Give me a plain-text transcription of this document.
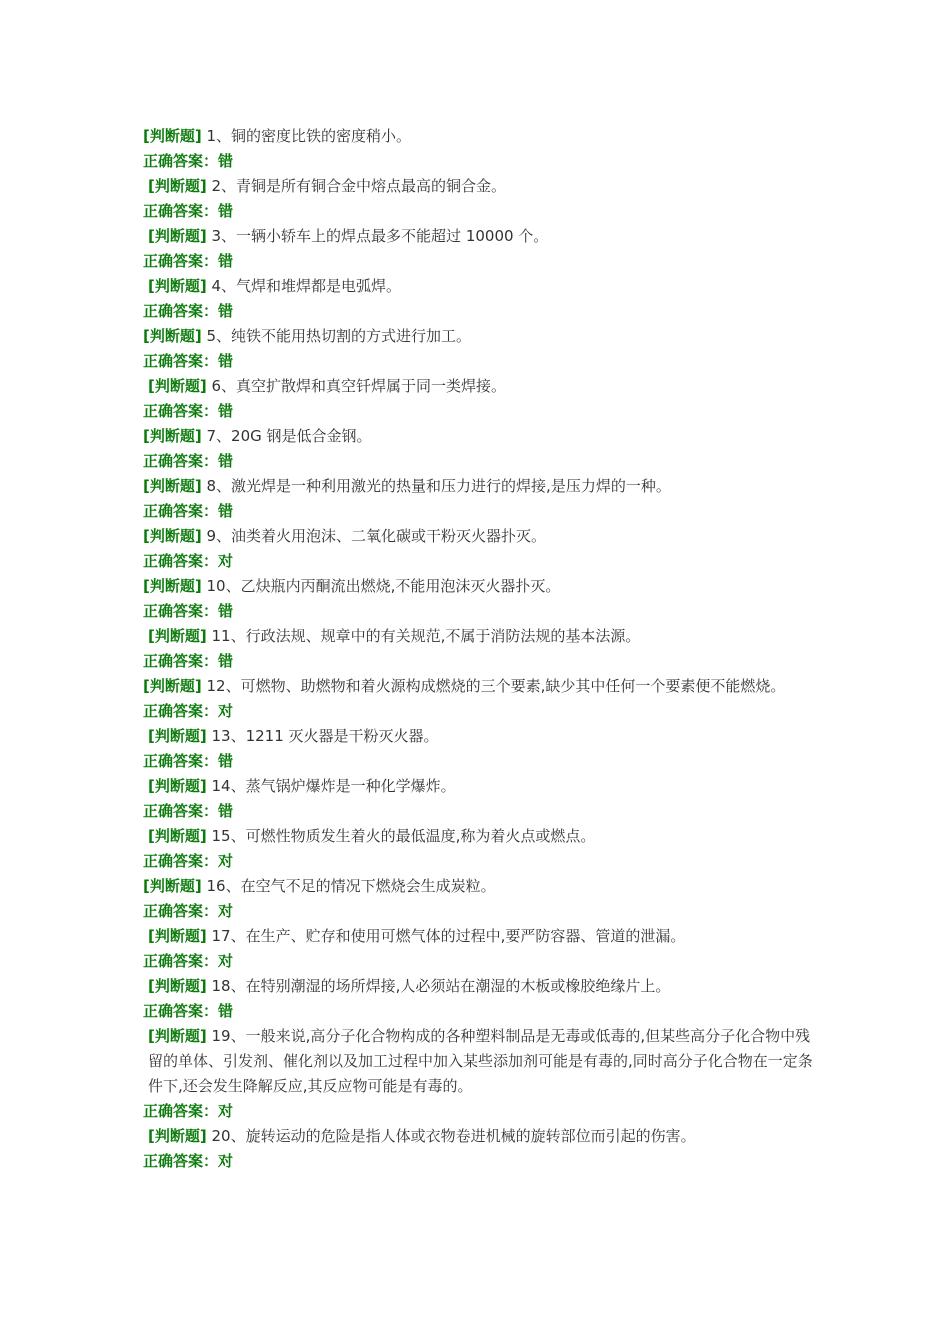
[判断题] 1、铜的密度比铁的密度稍小。

正确答案：错

[判断题] 2、青铜是所有铜合金中熔点最高的铜合金。

正确答案：错

[判断题] 3、一辆小轿车上的焊点最多不能超过 10000 个。

正确答案：错

[判断题] 4、气焊和堆焊都是电弧焊。

正确答案：错

[判断题] 5、纯铁不能用热切割的方式进行加工。

正确答案：错

[判断题] 6、真空扩散焊和真空钎焊属于同一类焊接。

正确答案：错

[判断题] 7、20G 钢是低合金钢。

正确答案：错

[判断题] 8、激光焊是一种利用激光的热量和压力进行的焊接,是压力焊的一种。

正确答案：错

[判断题] 9、油类着火用泡沫、二氧化碳或干粉灭火器扑灭。

正确答案：对

[判断题] 10、乙炔瓶内丙酮流出燃烧,不能用泡沫灭火器扑灭。

正确答案：错

[判断题] 11、行政法规、规章中的有关规范,不属于消防法规的基本法源。

正确答案：错

[判断题] 12、可燃物、助燃物和着火源构成燃烧的三个要素,缺少其中任何一个要素便不能燃烧。

正确答案：对

[判断题] 13、1211 灭火器是干粉灭火器。

正确答案：错

[判断题] 14、蒸气锅炉爆炸是一种化学爆炸。

正确答案：错

[判断题] 15、可燃性物质发生着火的最低温度,称为着火点或燃点。

正确答案：对

[判断题] 16、在空气不足的情况下燃烧会生成炭粒。

正确答案：对

[判断题] 17、在生产、贮存和使用可燃气体的过程中,要严防容器、管道的泄漏。

正确答案：对

[判断题] 18、在特别潮湿的场所焊接,人必须站在潮湿的木板或橡胶绝缘片上。

正确答案：错

[判断题] 19、一般来说,高分子化合物构成的各种塑料制品是无毒或低毒的,但某些高分子化合物中残留的单体、引发剂、催化剂以及加工过程中加入某些添加剂可能是有毒的,同时高分子化合物在一定条件下,还会发生降解反应,其反应物可能是有毒的。

正确答案：对

[判断题] 20、旋转运动的危险是指人体或衣物卷进机械的旋转部位而引起的伤害。

正确答案：对
